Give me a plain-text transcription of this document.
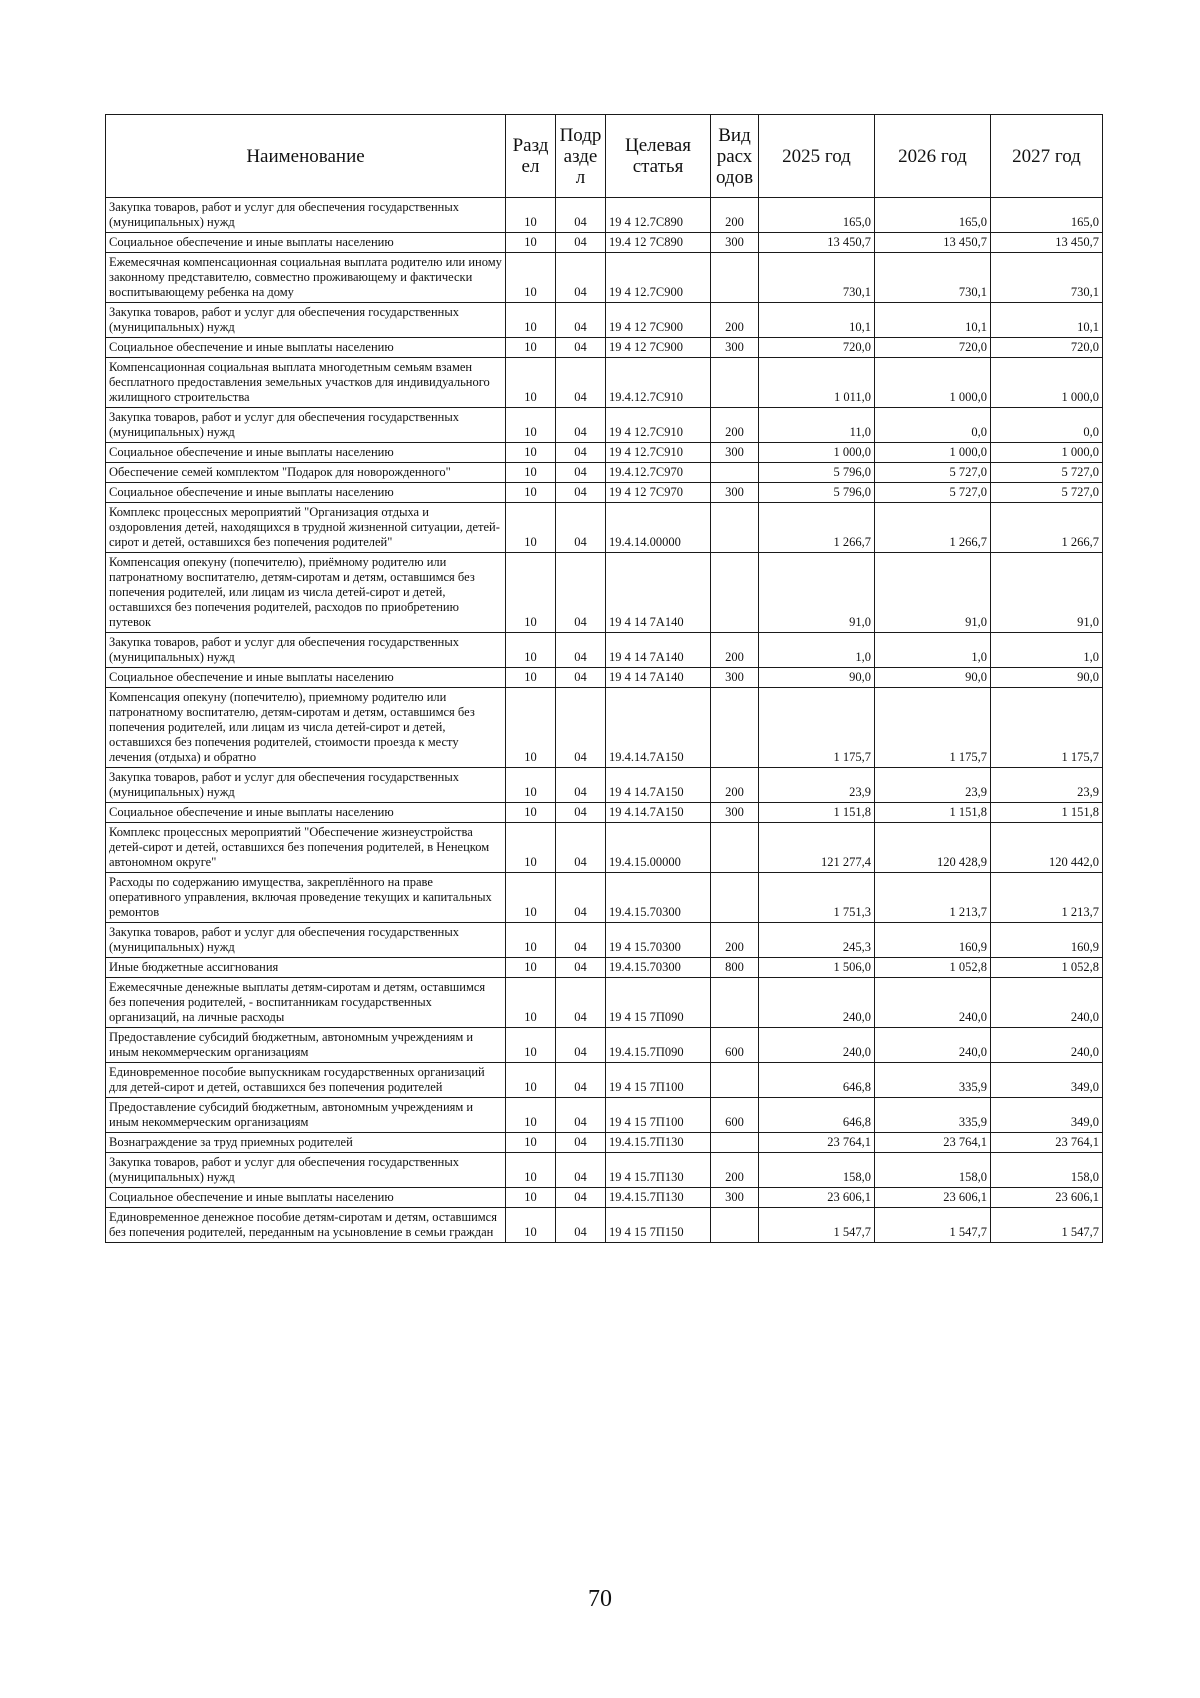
Наименование	Разд ел	Подр азде л	Целевая статья	Вид расх одов	2025 год	2026 год	2027 год
Закупка товаров, работ и услуг для обеспечения государственных (муниципальных) нужд	10	04	19 4 12.7С890	200	165,0	165,0	165,0
Социальное обеспечение и иные выплаты населению	10	04	19.4 12 7С890	300	13 450,7	13 450,7	13 450,7
Ежемесячная компенсационная социальная выплата родителю или иному законному представителю, совместно проживающему и фактически воспитывающему ребенка на дому	10	04	19 4 12.7С900		730,1	730,1	730,1
Закупка товаров, работ и услуг для обеспечения государственных (муниципальных) нужд	10	04	19 4 12 7С900	200	10,1	10,1	10,1
Социальное обеспечение и иные выплаты населению	10	04	19 4 12 7С900	300	720,0	720,0	720,0
Компенсационная социальная выплата многодетным семьям взамен бесплатного предоставления земельных участков для индивидуального жилищного строительства	10	04	19.4.12.7С910		1 011,0	1 000,0	1 000,0
Закупка товаров, работ и услуг для обеспечения государственных (муниципальных) нужд	10	04	19 4 12.7С910	200	11,0	0,0	0,0
Социальное обеспечение и иные выплаты населению	10	04	19 4 12.7С910	300	1 000,0	1 000,0	1 000,0
Обеспечение семей комплектом "Подарок для новорожденного"	10	04	19.4.12.7С970		5 796,0	5 727,0	5 727,0
Социальное обеспечение и иные выплаты населению	10	04	19 4 12 7С970	300	5 796,0	5 727,0	5 727,0
Комплекс процессных мероприятий "Организация отдыха и оздоровления детей, находящихся в трудной жизненной ситуации, детей-сирот и детей, оставшихся без попечения родителей"	10	04	19.4.14.00000		1 266,7	1 266,7	1 266,7
Компенсация опекуну (попечителю), приёмному родителю или патронатному воспитателю, детям-сиротам и детям, оставшимся без попечения родителей, или лицам из числа детей-сирот и детей, оставшихся без попечения родителей, расходов по приобретению путевок	10	04	19 4 14 7А140		91,0	91,0	91,0
Закупка товаров, работ и услуг для обеспечения государственных (муниципальных) нужд	10	04	19 4 14 7А140	200	1,0	1,0	1,0
Социальное обеспечение и иные выплаты населению	10	04	19 4 14 7А140	300	90,0	90,0	90,0
Компенсация опекуну (попечителю), приемному родителю или патронатному воспитателю, детям-сиротам и детям, оставшимся без попечения родителей, или лицам из числа детей-сирот и детей, оставшихся без попечения родителей, стоимости проезда к месту лечения (отдыха) и обратно	10	04	19.4.14.7А150		1 175,7	1 175,7	1 175,7
Закупка товаров, работ и услуг для обеспечения государственных (муниципальных) нужд	10	04	19 4 14.7А150	200	23,9	23,9	23,9
Социальное обеспечение и иные выплаты населению	10	04	19 4.14.7А150	300	1 151,8	1 151,8	1 151,8
Комплекс процессных мероприятий "Обеспечение жизнеустройства детей-сирот и детей, оставшихся без попечения родителей, в Ненецком автономном округе"	10	04	19.4.15.00000		121 277,4	120 428,9	120 442,0
Расходы по содержанию имущества, закреплённого на праве оперативного управления, включая проведение текущих и капитальных ремонтов	10	04	19.4.15.70300		1 751,3	1 213,7	1 213,7
Закупка товаров, работ и услуг для обеспечения государственных (муниципальных) нужд	10	04	19 4 15.70300	200	245,3	160,9	160,9
Иные бюджетные ассигнования	10	04	19.4.15.70300	800	1 506,0	1 052,8	1 052,8
Ежемесячные денежные выплаты детям-сиротам и детям, оставшимся без попечения родителей, - воспитанникам государственных организаций, на личные расходы	10	04	19 4 15 7П090		240,0	240,0	240,0
Предоставление субсидий бюджетным, автономным учреждениям и иным некоммерческим организациям	10	04	19.4.15.7П090	600	240,0	240,0	240,0
Единовременное пособие выпускникам государственных организаций для детей-сирот и детей, оставшихся без попечения родителей	10	04	19 4 15 7П100		646,8	335,9	349,0
Предоставление субсидий бюджетным, автономным учреждениям и иным некоммерческим организациям	10	04	19 4 15 7П100	600	646,8	335,9	349,0
Вознаграждение за труд приемных родителей	10	04	19.4.15.7П130		23 764,1	23 764,1	23 764,1
Закупка товаров, работ и услуг для обеспечения государственных (муниципальных) нужд	10	04	19 4 15.7П130	200	158,0	158,0	158,0
Социальное обеспечение и иные выплаты населению	10	04	19.4.15.7П130	300	23 606,1	23 606,1	23 606,1
Единовременное денежное пособие детям-сиротам и детям, оставшимся без попечения родителей, переданным на усыновление в семьи граждан	10	04	19 4 15 7П150		1 547,7	1 547,7	1 547,7
70
